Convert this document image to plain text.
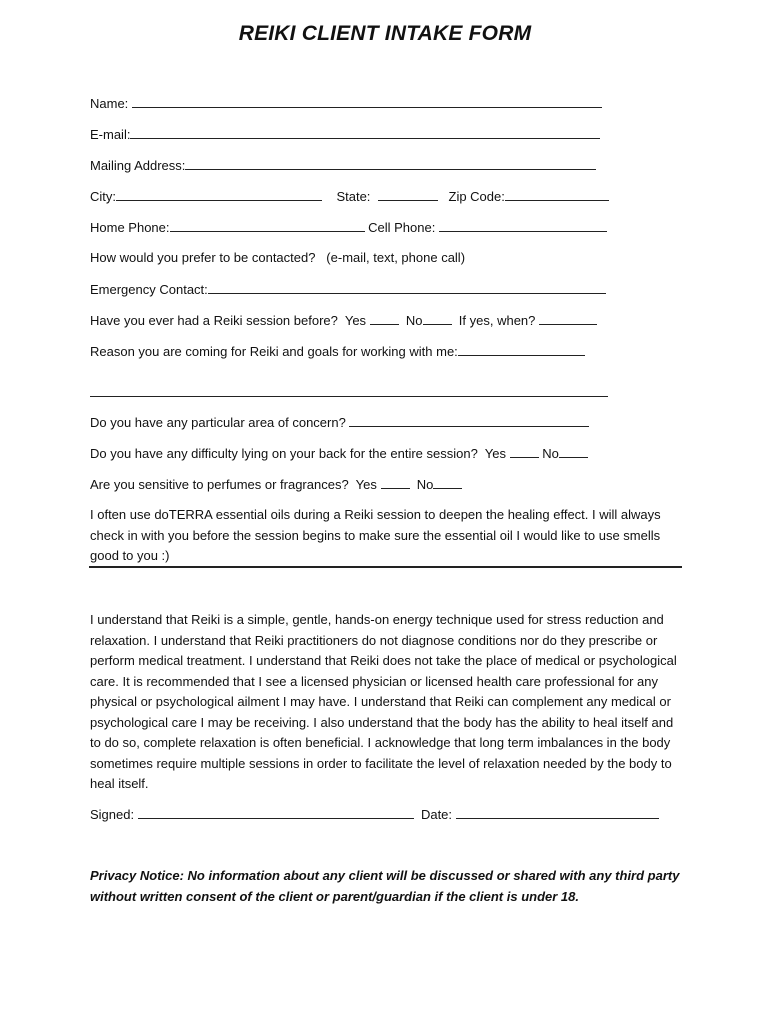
REIKI CLIENT INTAKE FORM
Name:
E-mail:
Mailing Address:
City:	State:	Zip Code:
Home Phone:	Cell Phone:
How would you prefer to be contacted?   (e-mail, text, phone call)
Emergency Contact:
Have you ever had a Reiki session before?  Yes	No	If yes, when?
Reason you are coming for Reiki and goals for working with me:
Do you have any particular area of concern?
Do you have any difficulty lying on your back for the entire session?  Yes	No
Are you sensitive to perfumes or fragrances?  Yes	No
I often use doTERRA essential oils during a Reiki session to deepen the healing effect. I will always check in with you before the session begins to make sure the essential oil I would like to use smells good to you :)
I understand that Reiki is a simple, gentle, hands-on energy technique used for stress reduction and relaxation. I understand that Reiki practitioners do not diagnose conditions nor do they prescribe or perform medical treatment. I understand that Reiki does not take the place of medical or psychological care. It is recommended that I see a licensed physician or licensed health care professional for any physical or psychological ailment I may have. I understand that Reiki can complement any medical or psychological care I may be receiving. I also understand that the body has the ability to heal itself and to do so, complete relaxation is often beneficial. I acknowledge that long term imbalances in the body sometimes require multiple sessions in order to facilitate the level of relaxation needed by the body to heal itself.
Signed:	Date:
Privacy Notice: No information about any client will be discussed or shared with any third party without written consent of the client or parent/guardian if the client is under 18.
